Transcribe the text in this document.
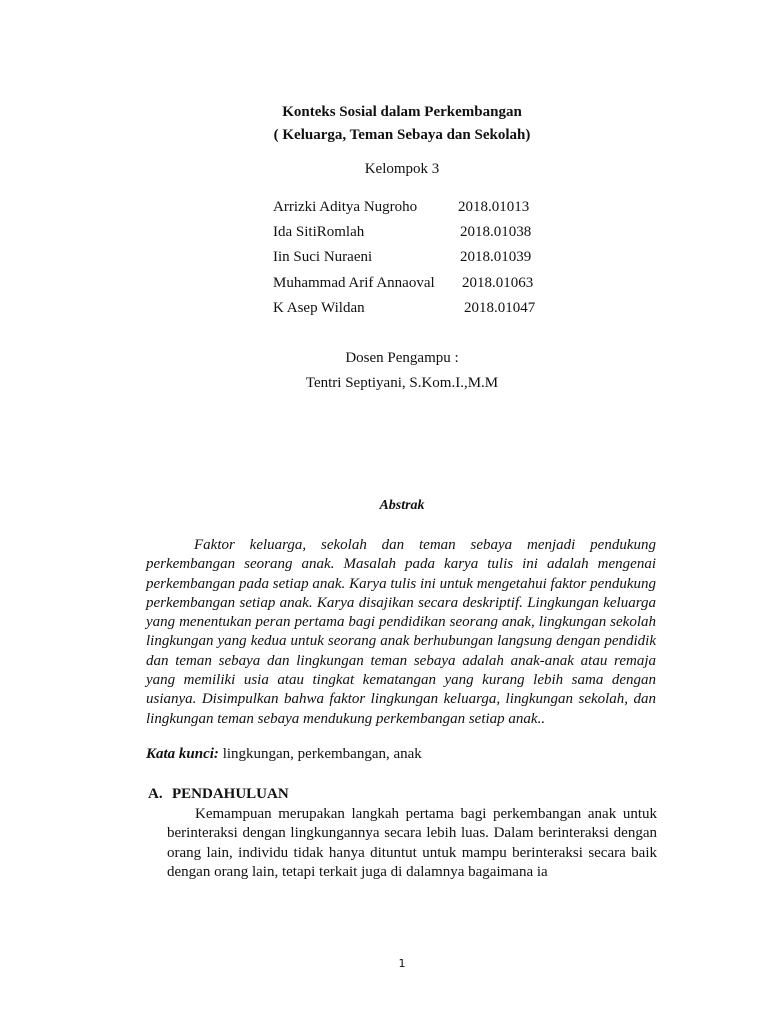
Konteks Sosial dalam Perkembangan
( Keluarga, Teman Sebaya dan Sekolah)
Kelompok 3
Arrizki Aditya Nugroho	2018.01013
Ida SitiRomlah	2018.01038
Iin Suci Nuraeni	2018.01039
Muhammad Arif Annaoval 2018.01063
K Asep Wildan	2018.01047
Dosen Pengampu :
Tentri Septiyani, S.Kom.I.,M.M
Abstrak
Faktor keluarga, sekolah dan teman sebaya menjadi pendukung perkembangan seorang anak. Masalah pada karya tulis ini adalah mengenai perkembangan pada setiap anak. Karya tulis ini untuk mengetahui faktor pendukung perkembangan setiap anak. Karya disajikan secara deskriptif. Lingkungan keluarga yang menentukan peran pertama bagi pendidikan seorang anak, lingkungan sekolah lingkungan yang kedua untuk seorang anak berhubungan langsung dengan pendidik dan teman sebaya dan lingkungan teman sebaya adalah anak-anak atau remaja yang memiliki usia atau tingkat kematangan yang kurang lebih sama dengan usianya. Disimpulkan bahwa faktor lingkungan keluarga, lingkungan sekolah, dan lingkungan teman sebaya mendukung perkembangan setiap anak..
Kata kunci: lingkungan, perkembangan, anak
A. PENDAHULUAN
Kemampuan merupakan langkah pertama bagi perkembangan anak untuk berinteraksi dengan lingkungannya secara lebih luas. Dalam berinteraksi dengan orang lain, individu tidak hanya dituntut untuk mampu berinteraksi secara baik dengan orang lain, tetapi terkait juga di dalamnya bagaimana ia
1
